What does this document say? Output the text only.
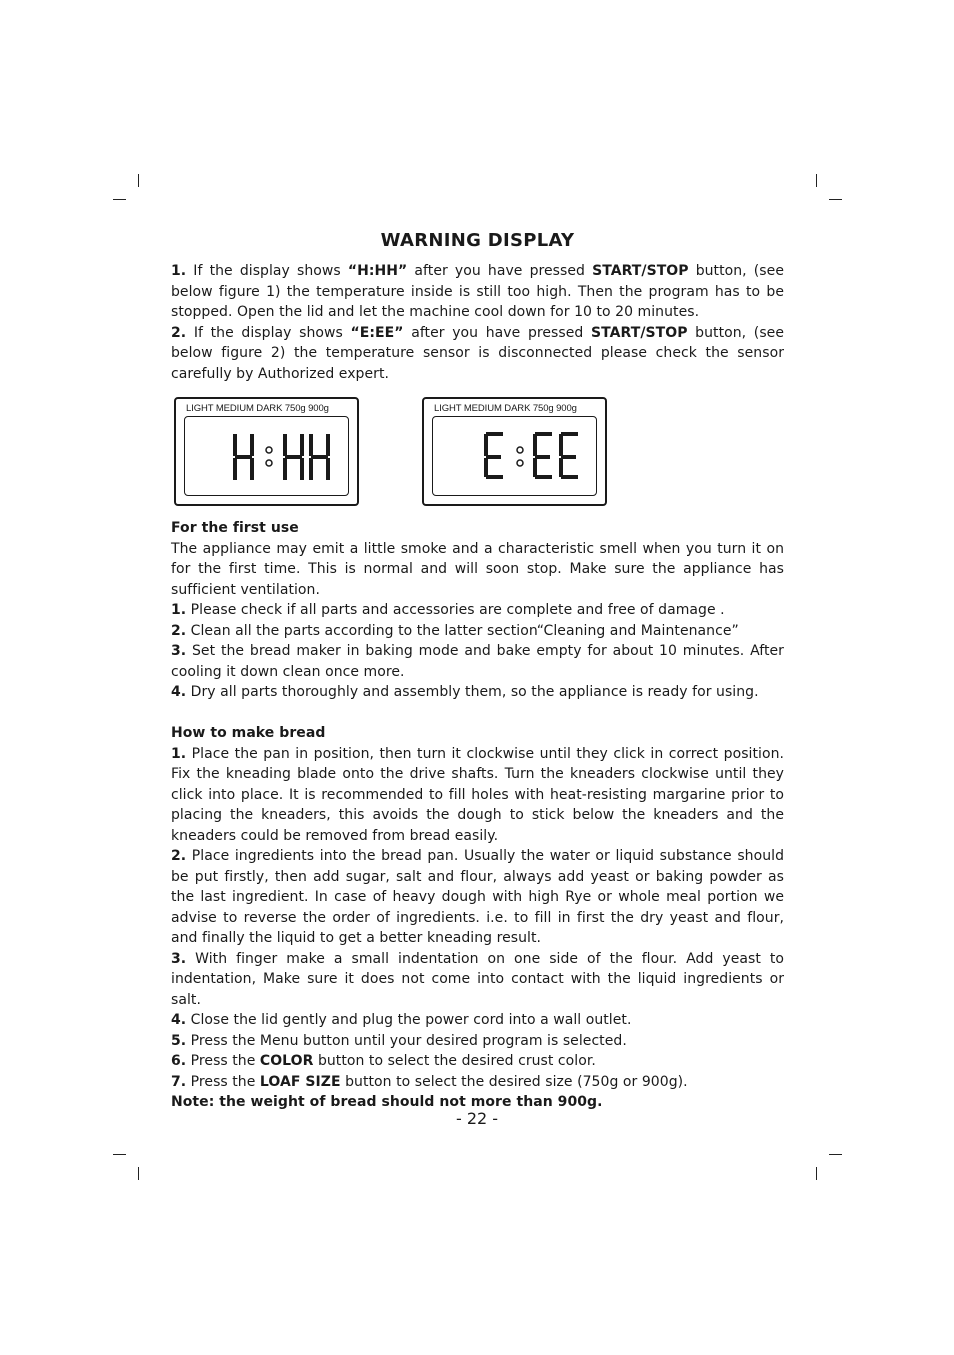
WARNING DISPLAY

1. If the display shows “H:HH” after you have pressed START/STOP button, (see below figure 1) the temperature inside is still too high. Then the program has to be stopped. Open the lid and let the machine cool down for 10 to 20 minutes.

2. If the display shows “E:EE” after you have pressed START/STOP button, (see below figure 2) the temperature sensor is disconnected please check the sensor carefully by Authorized expert.

LIGHT MEDIUM DARK 750g 900g	LIGHT MEDIUM DARK 750g 900g

For the first use

The appliance may emit a little smoke and a characteristic smell when you turn it on for the first time. This is normal and will soon stop. Make sure the appliance has sufficient ventilation.

1. Please check if all parts and accessories are complete and free of damage .

2. Clean all the parts according to the latter section“Cleaning and Maintenance”

3. Set the bread maker in baking mode and bake empty for about 10 minutes. After cooling it down clean once more.

4. Dry all parts thoroughly and assembly them, so the appliance is ready for using.

How to make bread

1. Place the pan in position, then turn it clockwise until they click in correct position. Fix the kneading blade onto the drive shafts. Turn the kneaders clockwise until they click into place. It is recommended to fill holes with heat-resisting margarine prior to placing the kneaders, this avoids the dough to stick below the kneaders and the kneaders could be removed from bread easily.

2. Place ingredients into the bread pan. Usually the water or liquid substance should be put firstly, then add sugar, salt and flour, always add yeast or baking powder as the last ingredient. In case of heavy dough with high Rye or whole meal portion we advise to reverse the order of ingredients. i.e. to fill in first the dry yeast and flour, and finally the liquid to get a better kneading result.

3. With finger make a small indentation on one side of the flour. Add yeast to indentation, Make sure it does not come into contact with the liquid ingredients or salt.

4. Close the lid gently and plug the power cord into a wall outlet.

5. Press the Menu button until your desired program is selected.

6. Press the COLOR button to select the desired crust color.

7. Press the LOAF SIZE button to select the desired size (750g or 900g).

Note: the weight of bread should not more than 900g.

- 22 -
